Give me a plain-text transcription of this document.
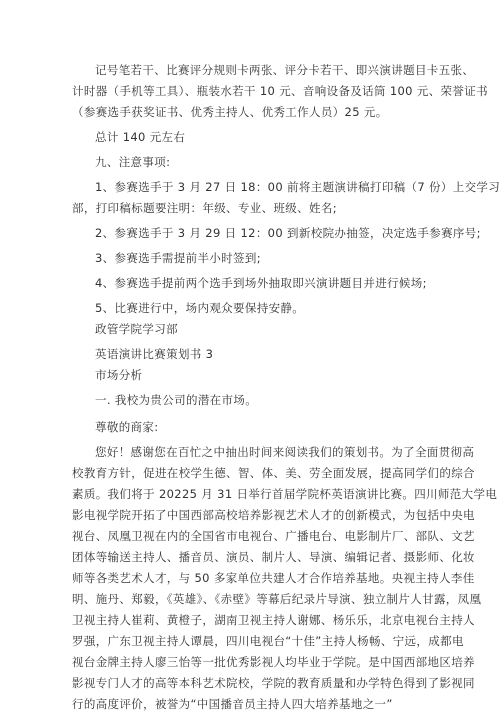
记号笔若干、比赛评分规则卡两张、评分卡若干、即兴演讲题目卡五张、
计时器（手机等工具）、瓶装水若干 10 元、音响设备及话筒 100 元、荣誉证书
（参赛选手获奖证书、优秀主持人、优秀工作人员）25 元。
总计 140 元左右
九、注意事项:
1、参赛选手于 3 月 27 日 18：00 前将主题演讲稿打印稿（7 份）上交学习
部，打印稿标题要注明：年级、专业、班级、姓名;
2、参赛选手于 3 月 29 日 12：00 到新校院办抽签，决定选手参赛序号;
3、参赛选手需提前半小时签到;
4、参赛选手提前两个选手到场外抽取即兴演讲题目并进行候场;
5、比赛进行中，场内观众要保持安静。
政管学院学习部
英语演讲比赛策划书 3
市场分析
一. 我校为贵公司的潜在市场。
尊敬的商家:
您好！感谢您在百忙之中抽出时间来阅读我们的策划书。为了全面贯彻高
校教育方针，促进在校学生德、智、体、美、劳全面发展，提高同学们的综合
素质。我们将于 20225 月 31 日举行首届学院杯英语演讲比赛。四川师范大学电
影电视学院开拓了中国西部高校培养影视艺术人才的创新模式，为包括中央电
视台、凤凰卫视在内的全国省市电视台、广播电台、电影制片厂、部队、文艺
团体等输送主持人、播音员、演员、制片人、导演、编辑记者、摄影师、化妆
师等各类艺术人才，与 50 多家单位共建人才合作培养基地。央视主持人李佳
明、施丹、郑毅，《英雄》、《赤壁》等幕后纪录片导演、独立制片人甘露，凤凰
卫视主持人崔莉、黄橙子，湖南卫视主持人谢娜、杨乐乐，北京电视台主持人
罗强，广东卫视主持人谭晨，四川电视台“十佳”主持人杨畅、宁远，成都电
视台金牌主持人廖三怡等一批优秀影视人均毕业于学院。是中国西部地区培养
影视专门人才的高等本科艺术院校，学院的教育质量和办学特色得到了影视同
行的高度评价，被誉为“中国播音员主持人四大培养基地之一”
